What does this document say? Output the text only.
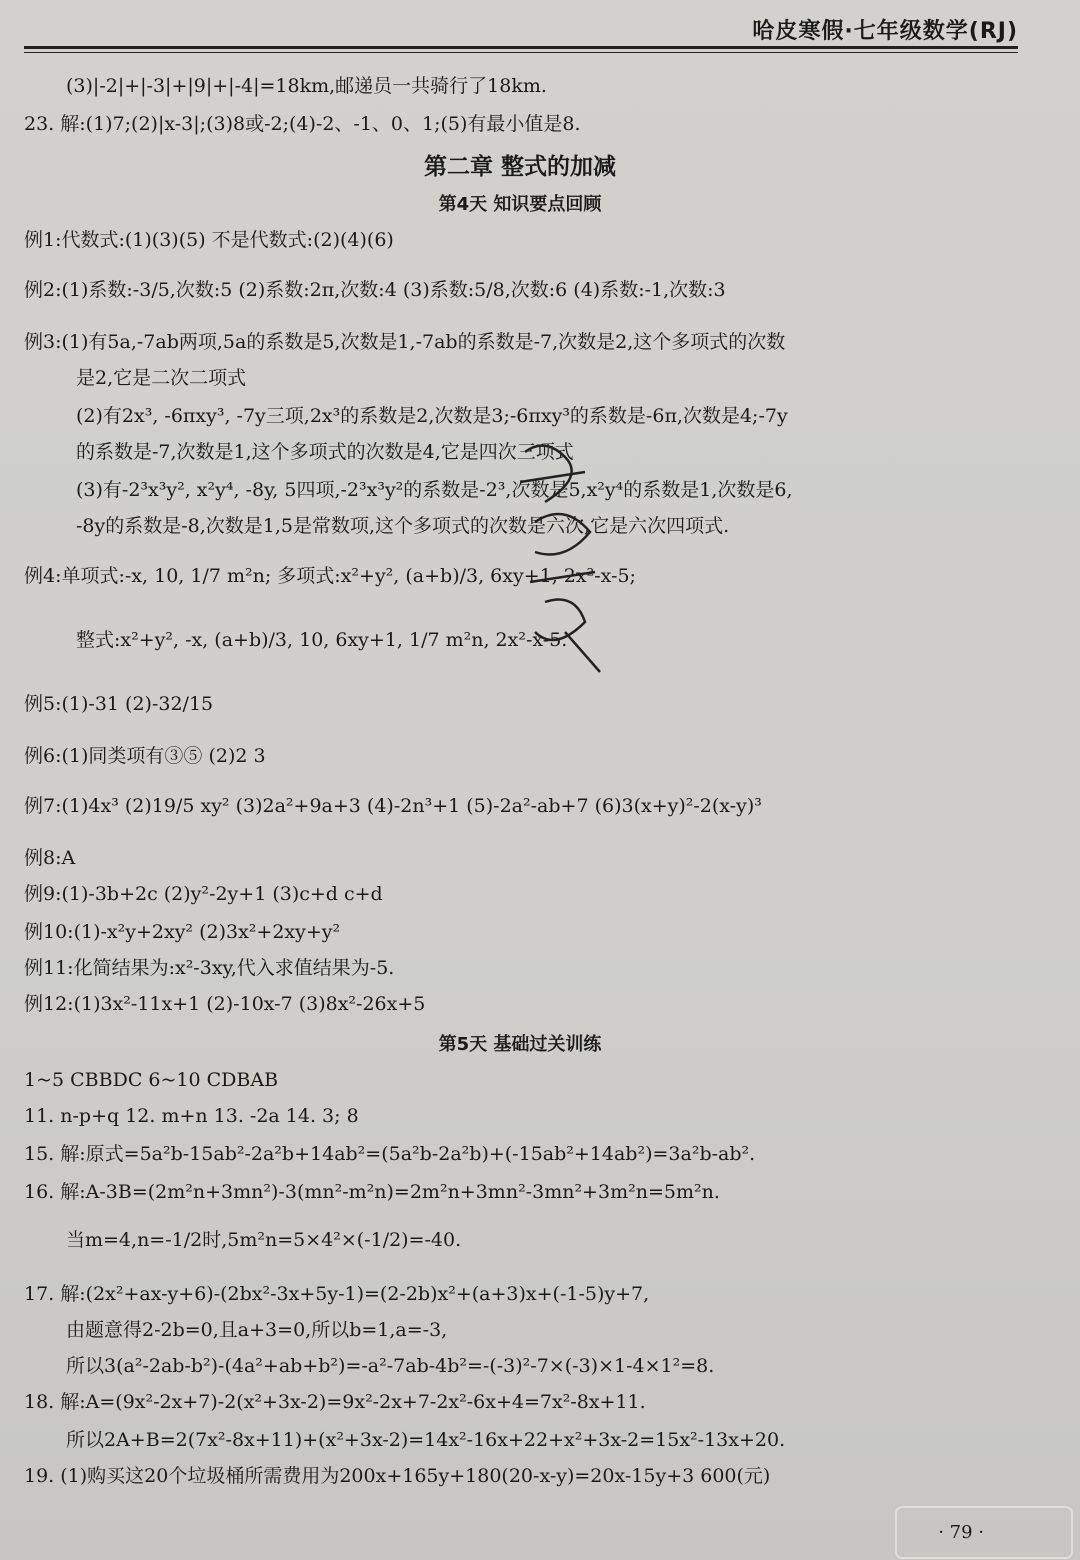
哈皮寒假·七年级数学(RJ)
(3)|-2|+|-3|+|9|+|-4|=18km,邮递员一共骑行了18km.
23. 解:(1)7;(2)|x-3|;(3)8或-2;(4)-2、-1、0、1;(5)有最小值是8.
第二章 整式的加减
第4天 知识要点回顾
例1:代数式:(1)(3)(5) 不是代数式:(2)(4)(6)
例2:(1)系数:-3/5,次数:5 (2)系数:2π,次数:4 (3)系数:5/8,次数:6 (4)系数:-1,次数:3
例3:(1)有5a,-7ab两项,5a的系数是5,次数是1,-7ab的系数是-7,次数是2,这个多项式的次数
是2,它是二次二项式
(2)有2x³, -6πxy³, -7y三项,2x³的系数是2,次数是3;-6πxy³的系数是-6π,次数是4;-7y
的系数是-7,次数是1,这个多项式的次数是4,它是四次三项式
(3)有-2³x³y², x²y⁴, -8y, 5四项,-2³x³y²的系数是-2³,次数是5,x²y⁴的系数是1,次数是6,
-8y的系数是-8,次数是1,5是常数项,这个多项式的次数是六次,它是六次四项式.
例4:单项式:-x, 10, 1/7 m²n; 多项式:x²+y², (a+b)/3, 6xy+1, 2x²-x-5;
整式:x²+y², -x, (a+b)/3, 10, 6xy+1, 1/7 m²n, 2x²-x-5.
例5:(1)-31 (2)-32/15
例6:(1)同类项有③⑤ (2)2 3
例7:(1)4x³ (2)19/5 xy² (3)2a²+9a+3 (4)-2n³+1 (5)-2a²-ab+7 (6)3(x+y)²-2(x-y)³
例8:A
例9:(1)-3b+2c (2)y²-2y+1 (3)c+d c+d
例10:(1)-x²y+2xy² (2)3x²+2xy+y²
例11:化简结果为:x²-3xy,代入求值结果为-5.
例12:(1)3x²-11x+1 (2)-10x-7 (3)8x²-26x+5
第5天 基础过关训练
1~5 CBBDC 6~10 CDBAB
11. n-p+q 12. m+n 13. -2a 14. 3; 8
15. 解:原式=5a²b-15ab²-2a²b+14ab²=(5a²b-2a²b)+(-15ab²+14ab²)=3a²b-ab².
16. 解:A-3B=(2m²n+3mn²)-3(mn²-m²n)=2m²n+3mn²-3mn²+3m²n=5m²n.
当m=4,n=-1/2时,5m²n=5×4²×(-1/2)=-40.
17. 解:(2x²+ax-y+6)-(2bx²-3x+5y-1)=(2-2b)x²+(a+3)x+(-1-5)y+7,
由题意得2-2b=0,且a+3=0,所以b=1,a=-3,
所以3(a²-2ab-b²)-(4a²+ab+b²)=-a²-7ab-4b²=-(-3)²-7×(-3)×1-4×1²=8.
18. 解:A=(9x²-2x+7)-2(x²+3x-2)=9x²-2x+7-2x²-6x+4=7x²-8x+11.
所以2A+B=2(7x²-8x+11)+(x²+3x-2)=14x²-16x+22+x²+3x-2=15x²-13x+20.
19. (1)购买这20个垃圾桶所需费用为200x+165y+180(20-x-y)=20x-15y+3 600(元)
· 79 ·
